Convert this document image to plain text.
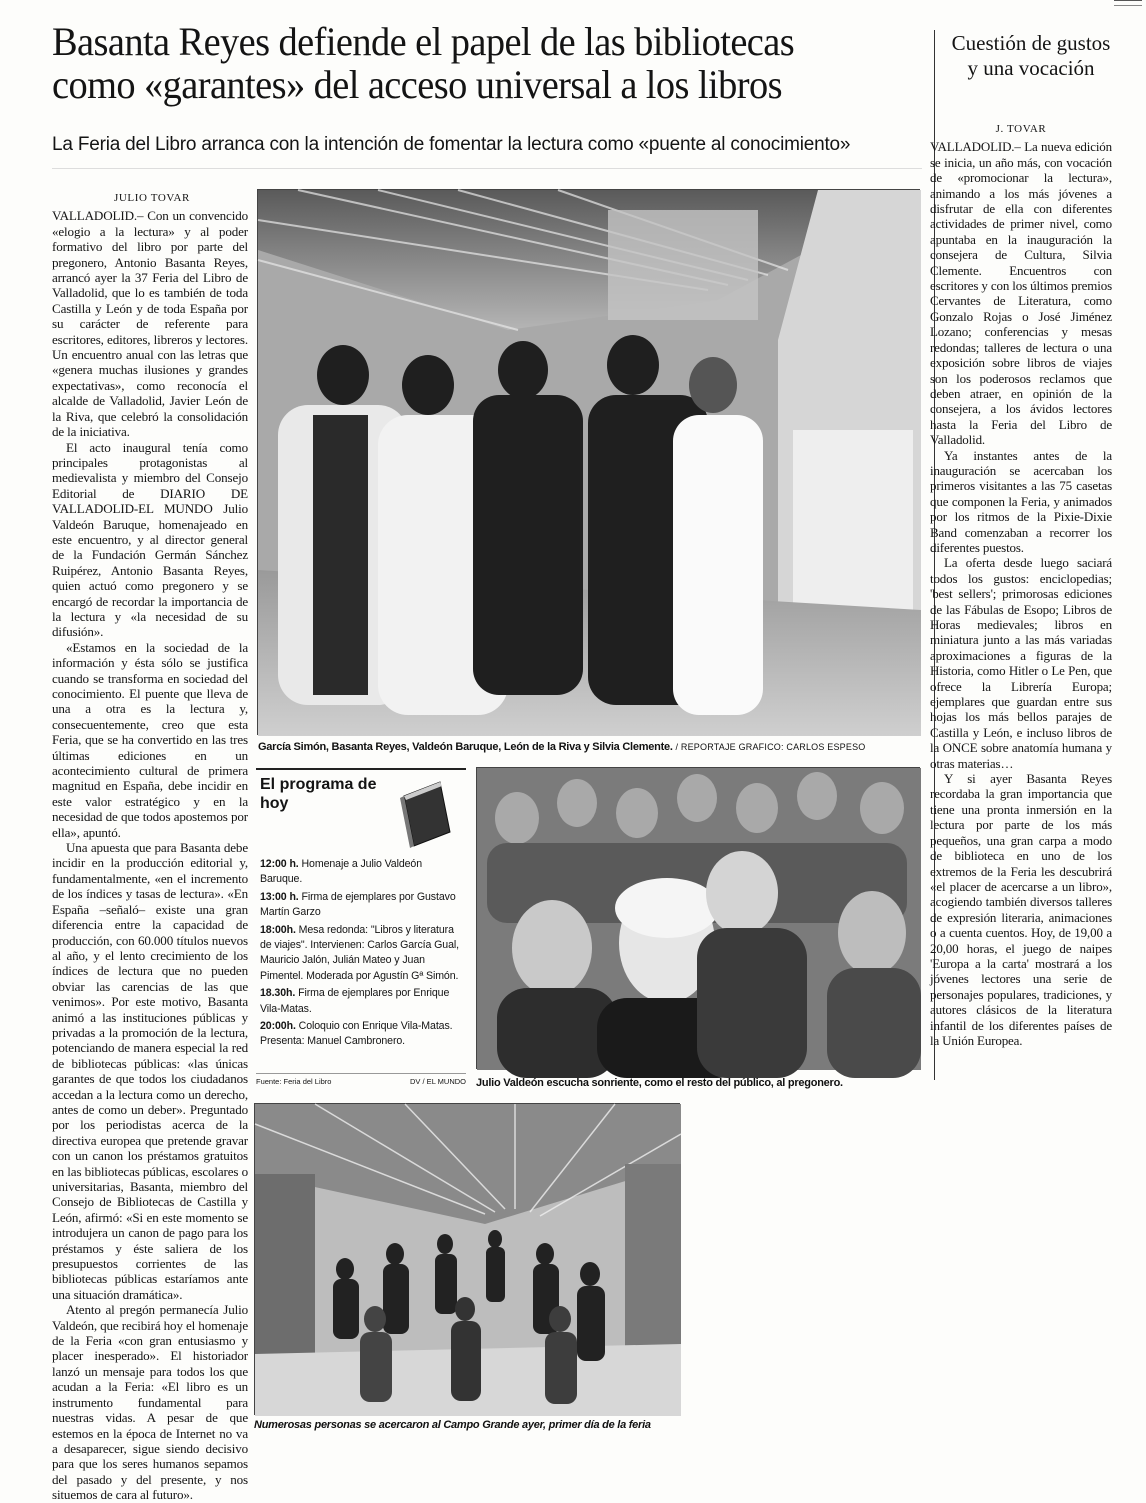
Basanta Reyes defiende el papel de las bibliotecas como «garantes» del acceso universal a los libros
La Feria del Libro arranca con la intención de fomentar la lectura como «puente al conocimiento»
JULIO TOVAR

VALLADOLID.– Con un convencido «elogio a la lectura» y al poder formativo del libro por parte del pregonero, Antonio Basanta Reyes, arrancó ayer la 37 Feria del Libro de Valladolid, que lo es también de toda Castilla y León y de toda España por su carácter de referente para escritores, editores, libreros y lectores. Un encuentro anual con las letras que «genera muchas ilusiones y grandes expectativas», como reconocía el alcalde de Valladolid, Javier León de la Riva, que celebró la consolidación de la iniciativa.

El acto inaugural tenía como principales protagonistas al medievalista y miembro del Consejo Editorial de DIARIO DE VALLADOLID-EL MUNDO Julio Valdeón Baruque, homenajeado en este encuentro, y al director general de la Fundación Germán Sánchez Ruipérez, Antonio Basanta Reyes, quien actuó como pregonero y se encargó de recordar la importancia de la lectura y «la necesidad de su difusión».

«Estamos en la sociedad de la información y ésta sólo se justifica cuando se transforma en sociedad del conocimiento. El puente que lleva de una a otra es la lectura y, consecuentemente, creo que esta Feria, que se ha convertido en las tres últimas ediciones en un acontecimiento cultural de primera magnitud en España, debe incidir en este valor estratégico y en la necesidad de que todos apostemos por ella», apuntó.

Una apuesta que para Basanta debe incidir en la producción editorial y, fundamentalmente, «en el incremento de los índices y tasas de lectura». «En España –señaló– existe una gran diferencia entre la capacidad de producción, con 60.000 títulos nuevos al año, y el lento crecimiento de los índices de lectura que no pueden obviar las carencias de las que venimos». Por este motivo, Basanta animó a las instituciones públicas y privadas a la promoción de la lectura, potenciando de manera especial la red de bibliotecas públicas: «las únicas garantes de que todos los ciudadanos accedan a la lectura como un derecho, antes de como un deber». Preguntado por los periodistas acerca de la directiva europea que pretende gravar con un canon los préstamos gratuitos en las bibliotecas públicas, escolares o universitarias, Basanta, miembro del Consejo de Bibliotecas de Castilla y León, afirmó: «Si en este momento se introdujera un canon de pago para los préstamos y éste saliera de los presupuestos corrientes de las bibliotecas públicas estaríamos ante una situación dramática».

Atento al pregón permanecía Julio Valdeón, que recibirá hoy el homenaje de la Feria «con gran entusiasmo y placer inesperado». El historiador lanzó un mensaje para todos los que acudan a la Feria: «El libro es un instrumento fundamental para nuestras vidas. A pesar de que estemos en la época de Internet no va a desaparecer, sigue siendo decisivo para que los seres humanos sepamos del pasado y del presente, y nos situemos de cara al futuro».

García Simón, Basanta Reyes, Valdeón Baruque, León de la Riva y Silvia Clemente. / REPORTAJE GRAFICO: CARLOS ESPESO
El programa de hoy
12:00 h. Homenaje a Julio Valdeón Baruque.
13:00 h. Firma de ejemplares por Gustavo Martín Garzo
18:00h. Mesa redonda: "Libros y literatura de viajes". Intervienen: Carlos García Gual, Mauricio Jalón, Julián Mateo y Juan Pimentel. Moderada por Agustín Gª Simón.
18.30h. Firma de ejemplares por Enrique Vila-Matas.
20:00h. Coloquio con Enrique Vila-Matas. Presenta: Manuel Cambronero.
Fuente: Feria del Libro	DV / EL MUNDO Julio Valdeón escucha sonriente, como el resto del público, al pregonero.
Numerosas personas se acercaron al Campo Grande ayer, primer día de la feria
Cuestión de gustos y una vocación
J. TOVAR

VALLADOLID.– La nueva edición se inicia, un año más, con vocación de «promocionar la lectura», animando a los más jóvenes a disfrutar de ella con diferentes actividades de primer nivel, como apuntaba en la inauguración la consejera de Cultura, Silvia Clemente. Encuentros con escritores y con los últimos premios Cervantes de Literatura, como Gonzalo Rojas o José Jiménez Lozano; conferencias y mesas redondas; talleres de lectura o una exposición sobre libros de viajes son los poderosos reclamos que deben atraer, en opinión de la consejera, a los ávidos lectores hasta la Feria del Libro de Valladolid.

Ya instantes antes de la inauguración se acercaban los primeros visitantes a las 75 casetas que componen la Feria, y animados por los ritmos de la Pixie-Dixie Band comenzaban a recorrer los diferentes puestos.

La oferta desde luego saciará todos los gustos: enciclopedias; 'best sellers'; primorosas ediciones de las Fábulas de Esopo; Libros de Horas medievales; libros en miniatura junto a las más variadas aproximaciones a figuras de la Historia, como Hitler o Le Pen, que ofrece la Librería Europa; ejemplares que guardan entre sus hojas los más bellos parajes de Castilla y León, e incluso libros de la ONCE sobre anatomía humana y otras materias…

Y si ayer Basanta Reyes recordaba la gran importancia que tiene una pronta inmersión en la lectura por parte de los más pequeños, una gran carpa a modo de biblioteca en uno de los extremos de la Feria les descubrirá «el placer de acercarse a un libro», acogiendo también diversos talleres de expresión literaria, animaciones o a cuenta cuentos. Hoy, de 19,00 a 20,00 horas, el juego de naipes 'Europa a la carta' mostrará a los jóvenes lectores una serie de personajes populares, tradiciones, y autores clásicos de la literatura infantil de los diferentes países de la Unión Europea.
